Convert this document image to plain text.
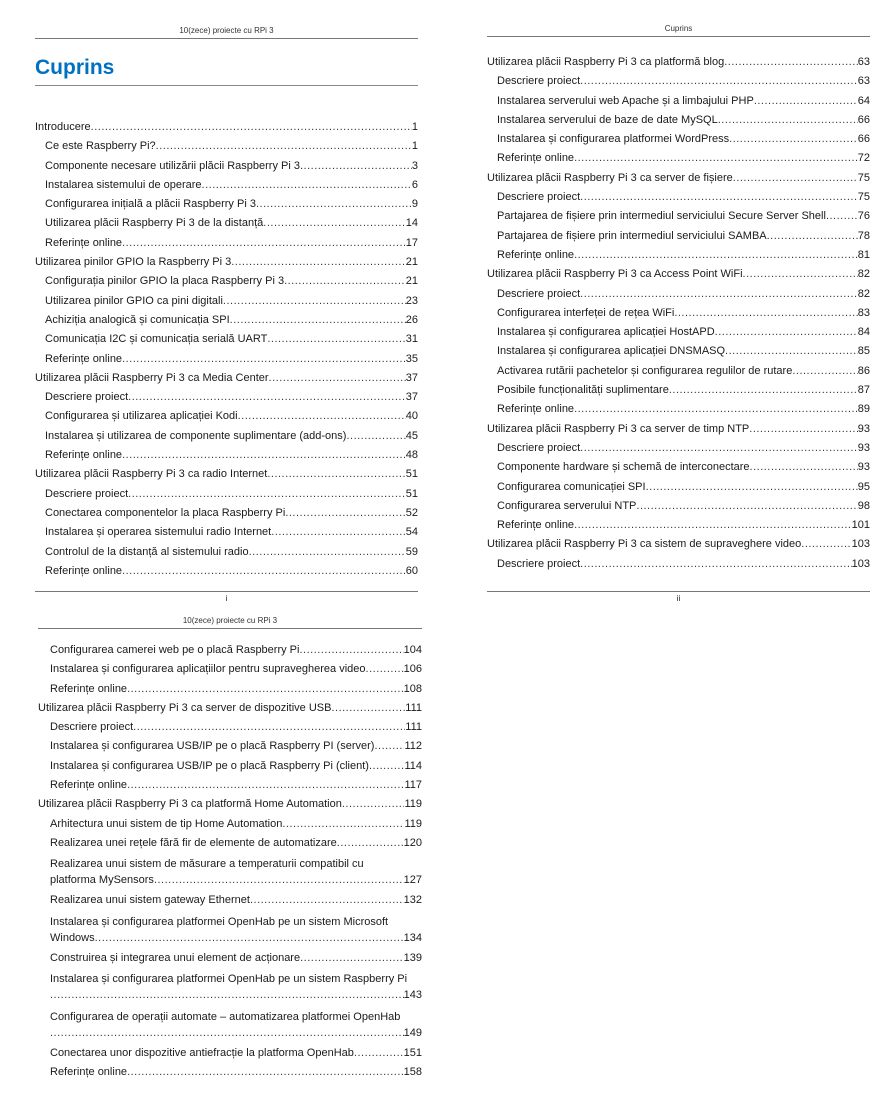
10(zece) proiecte cu RPi 3
Cuprins
Introducere .....	1
Ce este Raspberry Pi? .....	1
Componente necesare utilizării plăcii Raspberry Pi 3 .....	3
Instalarea sistemului de operare .....	6
Configurarea inițială a plăcii Raspberry Pi 3 .....	9
Utilizarea plăcii Raspberry Pi 3 de la distanță .....	14
Referințe online .....	17
Utilizarea pinilor GPIO la Raspberry Pi 3 .....	21
Configurația pinilor GPIO la placa Raspberry Pi 3 .....	21
Utilizarea pinilor GPIO ca pini digitali .....	23
Achiziția analogică și comunicația SPI .....	26
Comunicația I2C și comunicația serială UART .....	31
Referințe online .....	35
Utilizarea plăcii Raspberry Pi 3 ca Media Center .....	37
Descriere proiect .....	37
Configurarea și utilizarea aplicației Kodi .....	40
Instalarea și utilizarea de componente suplimentare (add-ons) .....	45
Referințe online .....	48
Utilizarea plăcii Raspberry Pi 3 ca radio Internet .....	51
Descriere proiect .....	51
Conectarea componentelor la placa Raspberry Pi .....	52
Instalarea și operarea sistemului radio Internet .....	54
Controlul de la distanță al sistemului radio .....	59
Referințe online .....	60
i
Cuprins
Utilizarea plăcii Raspberry Pi 3 ca platformă blog .....	63
Descriere proiect .....	63
Instalarea serverului web Apache și a limbajului PHP .....	64
Instalarea serverului de baze de date MySQL .....	66
Instalarea și configurarea platformei WordPress .....	66
Referințe online .....	72
Utilizarea plăcii Raspberry Pi 3 ca server de fișiere .....	75
Descriere proiect .....	75
Partajarea de fișiere prin intermediul serviciului Secure Server Shell .....	76
Partajarea de fișiere prin intermediul serviciului SAMBA .....	78
Referințe online .....	81
Utilizarea plăcii Raspberry Pi 3 ca Access Point WiFi .....	82
Descriere proiect .....	82
Configurarea interfeței de rețea WiFi .....	83
Instalarea și configurarea aplicației HostAPD .....	84
Instalarea și configurarea aplicației DNSMASQ .....	85
Activarea rutării pachetelor și configurarea regulilor de rutare .....	86
Posibile funcționalități suplimentare .....	87
Referințe online .....	89
Utilizarea plăcii Raspberry Pi 3 ca server de timp NTP .....	93
Descriere proiect .....	93
Componente hardware și schemă de interconectare .....	93
Configurarea comunicației SPI .....	95
Configurarea serverului NTP .....	98
Referințe online .....	101
Utilizarea plăcii Raspberry Pi 3 ca sistem de supraveghere video .....	103
Descriere proiect .....	103
ii
10(zece) proiecte cu RPi 3
Configurarea camerei web pe o placă Raspberry Pi .....	104
Instalarea și configurarea aplicațiilor pentru supravegherea video .....	106
Referințe online .....	108
Utilizarea plăcii Raspberry Pi 3 ca server de dispozitive USB .....	111
Descriere proiect .....	111
Instalarea și configurarea USB/IP pe o placă Raspberry PI (server) .....	112
Instalarea și configurarea USB/IP pe o placă Raspberry Pi (client) .....	114
Referințe online .....	117
Utilizarea plăcii Raspberry Pi 3 ca platformă Home Automation .....	119
Arhitectura unui sistem de tip Home Automation .....	119
Realizarea unei rețele fără fir de elemente de automatizare .....	120
Realizarea unui sistem de măsurare a temperaturii compatibil cu
platforma MySensors .....	127
Realizarea unui sistem gateway Ethernet .....	132
Instalarea și configurarea platformei OpenHab pe un sistem Microsoft
Windows .....	134
Construirea și integrarea unui element de acționare .....	139
Instalarea și configurarea platformei OpenHab pe un sistem Raspberry Pi
.....
143
Configurarea de operații automate – automatizarea platformei OpenHab
.....
149
Conectarea unor dispozitive antiefracție la platforma OpenHab .....	151
Referințe online .....	158
